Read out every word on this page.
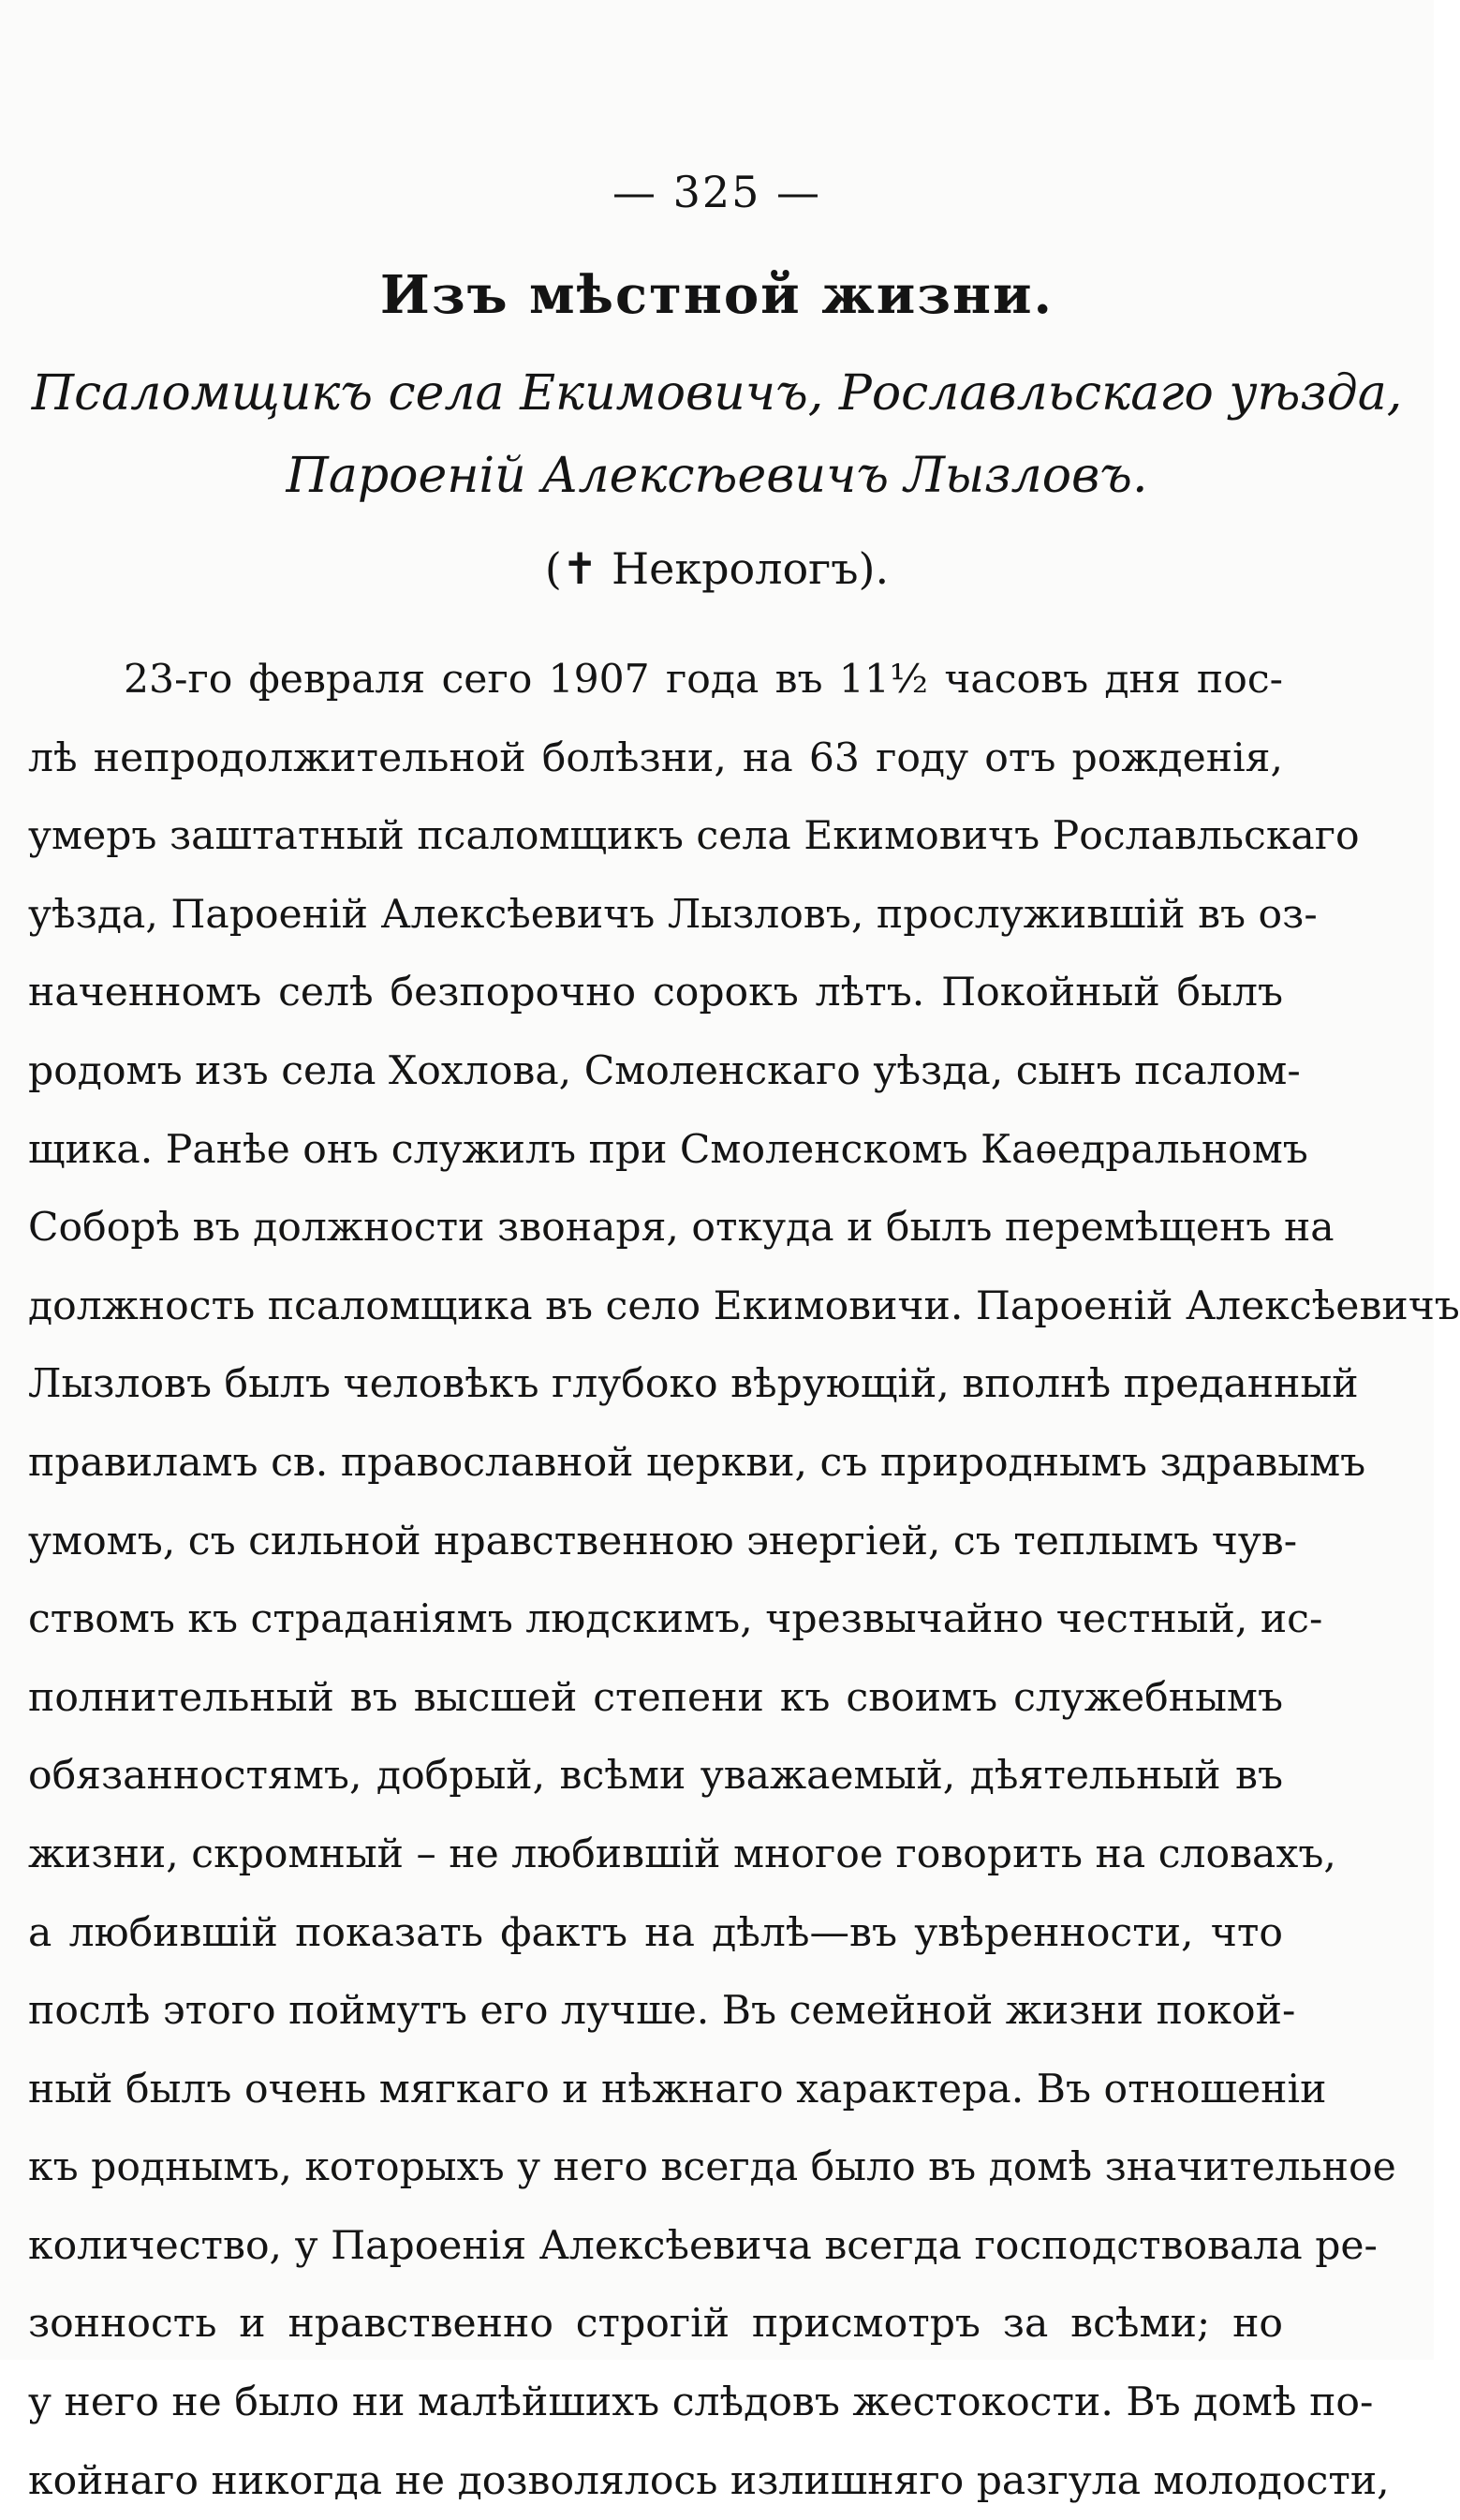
— 325 —
Изъ мѣстной жизни.
Псаломщикъ села Екимовичъ, Рославльскаго уѣзда,
Пароеній Алексѣевичъ Лызловъ.
(✝ Некрологъ).
23-го февраля сего 1907 года въ 11½ часовъ дня пос-
лѣ непродолжительной болѣзни, на 63 году отъ рожденія,
умеръ заштатный псаломщикъ села Екимовичъ Рославльскаго
уѣзда, Пароеній Алексѣевичъ Лызловъ, прослужившій въ оз-
наченномъ селѣ безпорочно сорокъ лѣтъ. Покойный былъ
родомъ изъ села Хохлова, Смоленскаго уѣзда, сынъ псалом-
щика. Ранѣе онъ служилъ при Смоленскомъ Каѳедральномъ
Соборѣ въ должности звонаря, откуда и былъ перемѣщенъ на
должность псаломщика въ село Екимовичи. Пароеній Алексѣевичъ
Лызловъ былъ человѣкъ глубоко вѣрующій, вполнѣ преданный
правиламъ св. православной церкви, съ природнымъ здравымъ
умомъ, съ сильной нравственною энергіей, съ теплымъ чув-
ствомъ къ страданіямъ людскимъ, чрезвычайно честный, ис-
полнительный въ высшей степени къ своимъ служебнымъ
обязанностямъ, добрый, всѣми уважаемый, дѣятельный въ
жизни, скромный – не любившій многое говорить на словахъ,
а любившій показать фактъ на дѣлѣ—въ увѣренности, что
послѣ этого поймутъ его лучше. Въ семейной жизни покой-
ный былъ очень мягкаго и нѣжнаго характера. Въ отношеніи
къ роднымъ, которыхъ у него всегда было въ домѣ значительное
количество, у Пароенія Алексѣевича всегда господствовала ре-
зонность и нравственно строгій присмотръ за всѣми; но
у него не было ни малѣйшихъ слѣдовъ жестокости. Въ домѣ по-
койнаго никогда не дозволялось излишняго разгула молодости,
